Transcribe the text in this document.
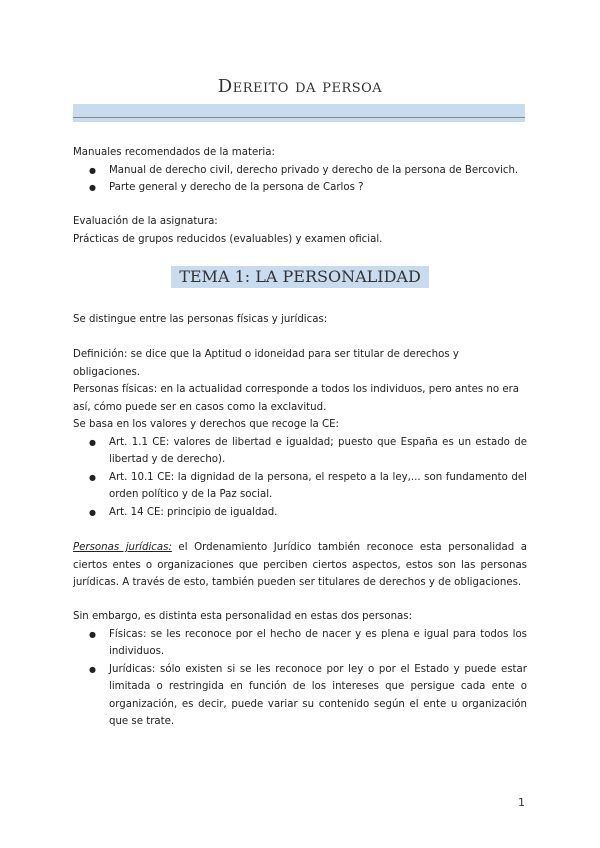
Dereito da persoa

Manuales recomendados de la materia:

● Manual de derecho civil, derecho privado y derecho de la persona de Bercovich.
● Parte general y derecho de la persona de Carlos ?

Evaluación de la asignatura:

Prácticas de grupos reducidos (evaluables) y examen oficial.

TEMA 1: LA PERSONALIDAD

Se distingue entre las personas físicas y jurídicas:

Definición: se dice que la Aptitud o idoneidad para ser titular de derechos y obligaciones.

Personas físicas: en la actualidad corresponde a todos los individuos, pero antes no era así, cómo puede ser en casos como la exclavitud.

Se basa en los valores y derechos que recoge la CE:

● Art. 1.1 CE: valores de libertad e igualdad; puesto que España es un estado de libertad y de derecho).
● Art. 10.1 CE: la dignidad de la persona, el respeto a la ley,... son fundamento del orden político y de la Paz social.
● Art. 14 CE: principio de igualdad.

Personas jurídicas: el Ordenamiento Jurídico también reconoce esta personalidad a ciertos entes o organizaciones que perciben ciertos aspectos, estos son las personas jurídicas. A través de esto, también pueden ser titulares de derechos y de obligaciones.

Sin embargo, es distinta esta personalidad en estas dos personas:

● Físicas: se les reconoce por el hecho de nacer y es plena e igual para todos los individuos.
● Jurídicas: sólo existen si se les reconoce por ley o por el Estado y puede estar limitada o restringida en función de los intereses que persigue cada ente o organización, es decir, puede variar su contenido según el ente u organización que se trate.
1
